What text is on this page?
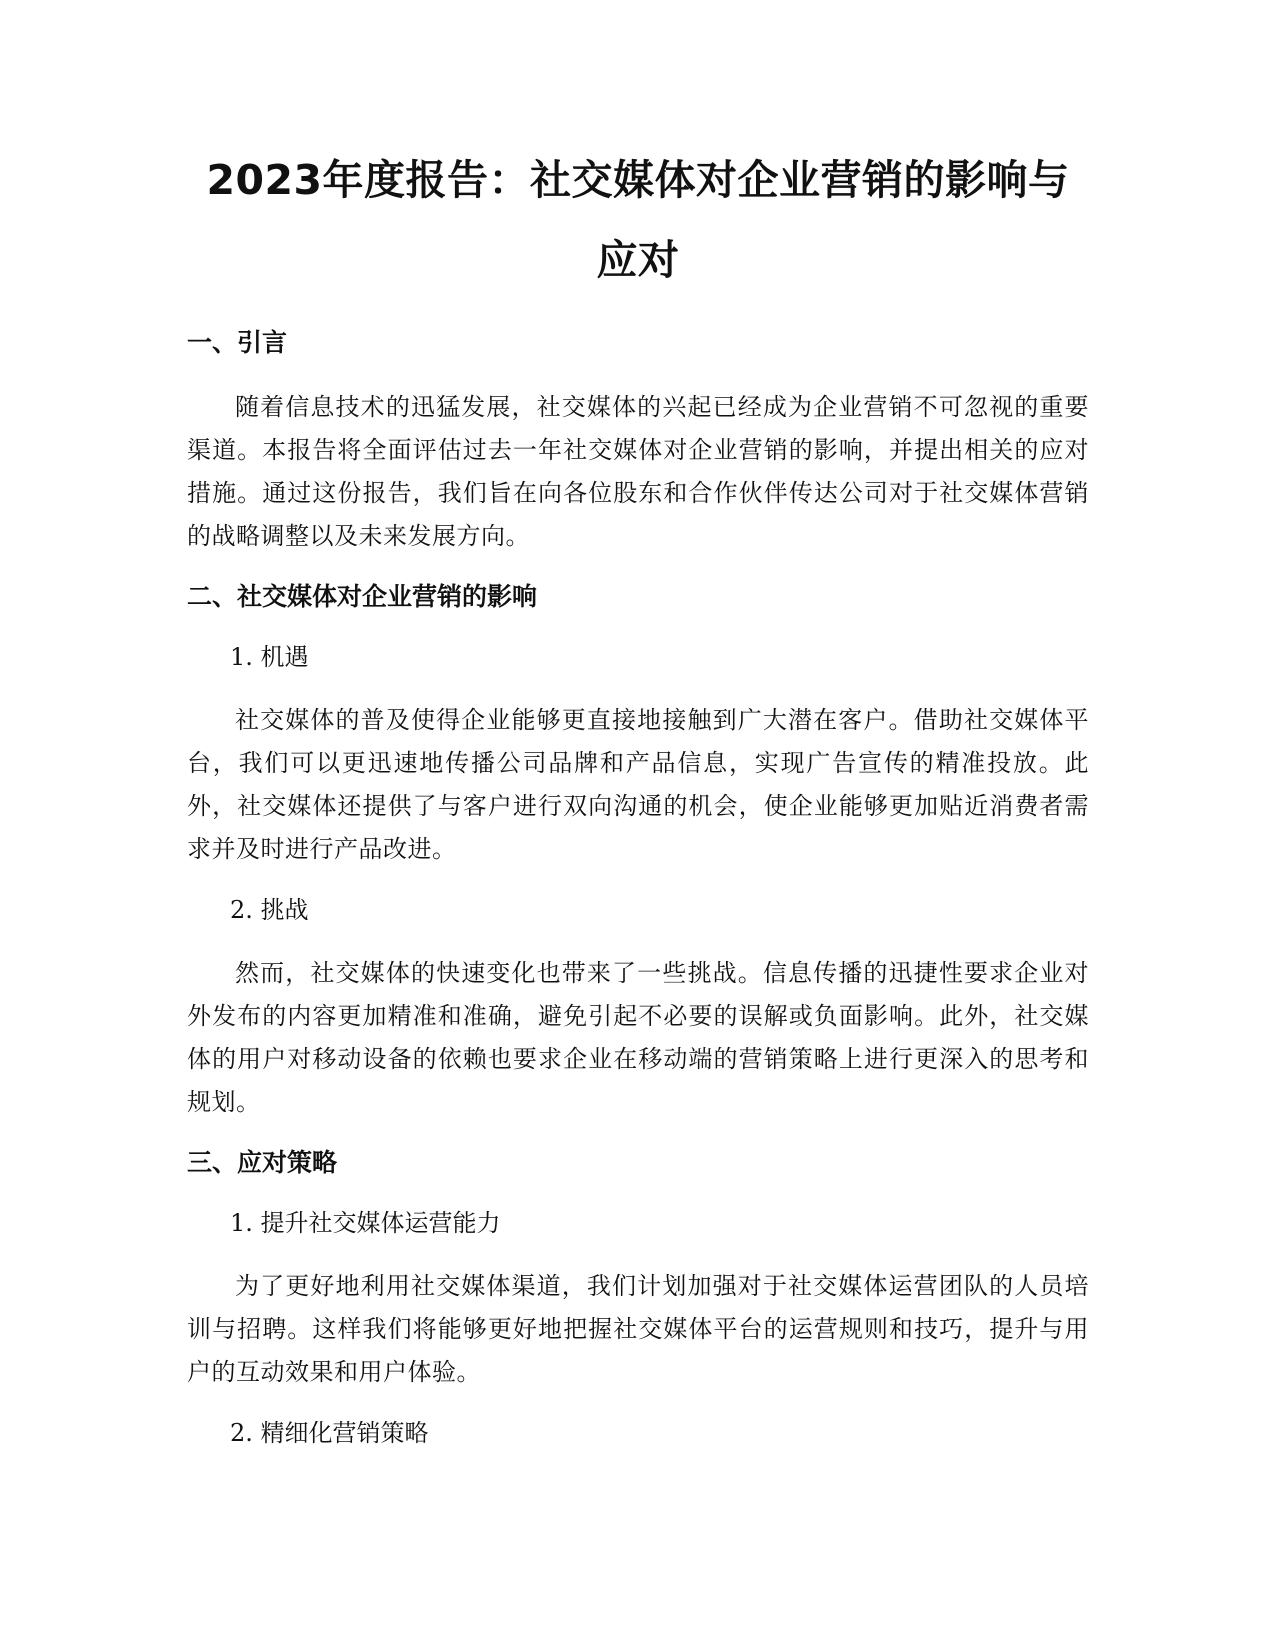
2023年度报告：社交媒体对企业营销的影响与应对
一、引言

随着信息技术的迅猛发展，社交媒体的兴起已经成为企业营销不可忽视的重要渠道。本报告将全面评估过去一年社交媒体对企业营销的影响，并提出相关的应对措施。通过这份报告，我们旨在向各位股东和合作伙伴传达公司对于社交媒体营销的战略调整以及未来发展方向。

二、社交媒体对企业营销的影响

1. 机遇

社交媒体的普及使得企业能够更直接地接触到广大潜在客户。借助社交媒体平台，我们可以更迅速地传播公司品牌和产品信息，实现广告宣传的精准投放。此外，社交媒体还提供了与客户进行双向沟通的机会，使企业能够更加贴近消费者需求并及时进行产品改进。

2. 挑战

然而，社交媒体的快速变化也带来了一些挑战。信息传播的迅捷性要求企业对外发布的内容更加精准和准确，避免引起不必要的误解或负面影响。此外，社交媒体的用户对移动设备的依赖也要求企业在移动端的营销策略上进行更深入的思考和规划。

三、应对策略

1. 提升社交媒体运营能力

为了更好地利用社交媒体渠道，我们计划加强对于社交媒体运营团队的人员培训与招聘。这样我们将能够更好地把握社交媒体平台的运营规则和技巧，提升与用户的互动效果和用户体验。

2. 精细化营销策略
